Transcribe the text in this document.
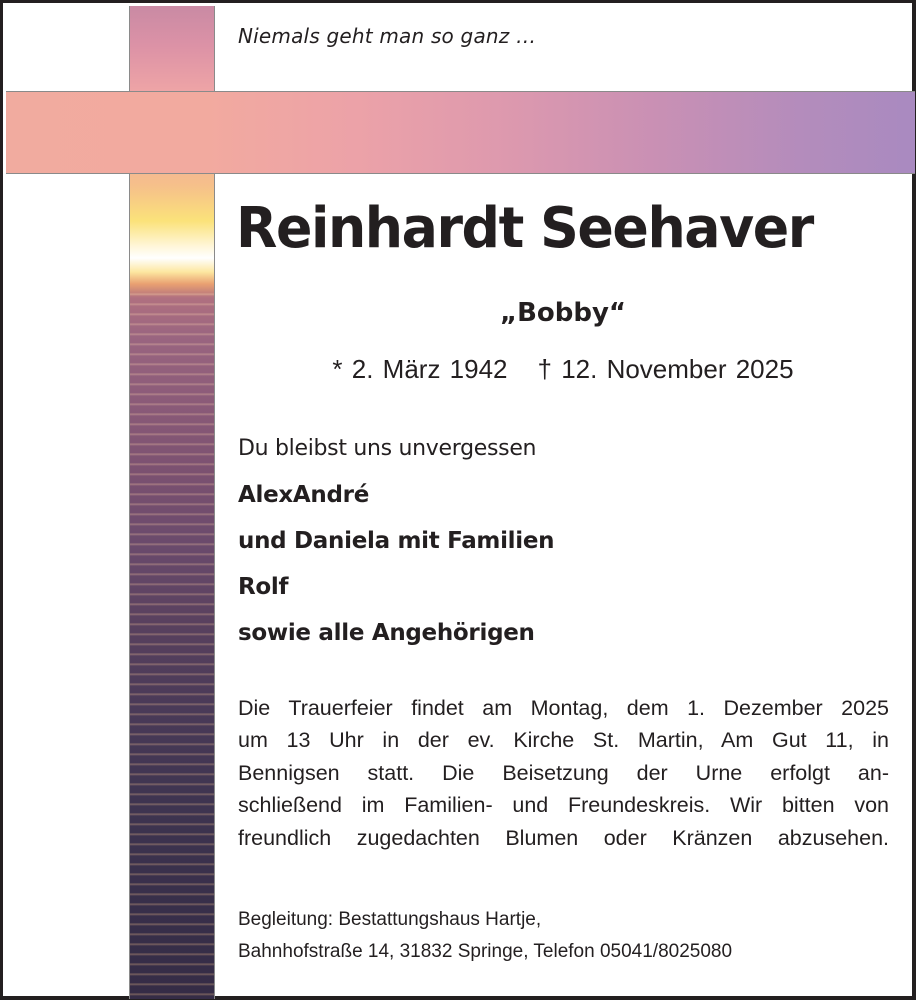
Niemals geht man so ganz …
Reinhardt Seehaver
„Bobby“
* 2. März 1942 † 12. November 2025
Du bleibst uns unvergessen
AlexAndré
und Daniela mit Familien
Rolf
sowie alle Angehörigen
Die Trauerfeier findet am Montag, dem 1. Dezember 2025
um 13 Uhr in der ev. Kirche St. Martin, Am Gut 11, in
Bennigsen statt. Die Beisetzung der Urne erfolgt an-
schließend im Familien- und Freundeskreis. Wir bitten von
freundlich zugedachten Blumen oder Kränzen abzusehen.
Begleitung: Bestattungshaus Hartje,
Bahnhofstraße 14, 31832 Springe, Telefon 05041/8025080
